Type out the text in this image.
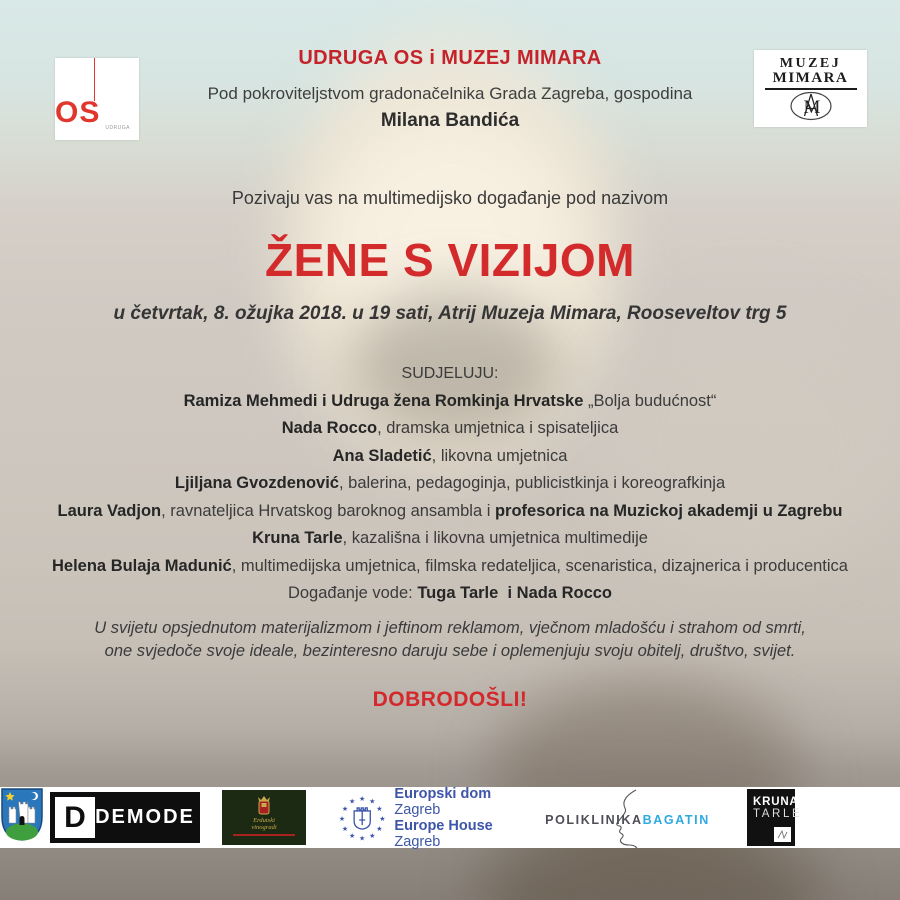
OS UDRUGA
MUZEJ
MIMARA
M
UDRUGA OS i MUZEJ MIMARA
Pod pokroviteljstvom gradonačelnika Grada Zagreba, gospodina
Milana Bandića
Pozivaju vas na multimedijsko događanje pod nazivom
ŽENE S VIZIJOM
u četvrtak, 8. ožujka 2018. u 19 sati, Atrij Muzeja Mimara, Rooseveltov trg 5
SUDJELUJU:
Ramiza Mehmedi i Udruga žena Romkinja Hrvatske „Bolja budućnost“
Nada Rocco, dramska umjetnica i spisateljica
Ana Sladetić, likovna umjetnica
Ljiljana Gvozdenović, balerina, pedagoginja, publicistkinja i koreografkinja
Laura Vadjon, ravnateljica Hrvatskog baroknog ansambla i profesorica na Muzickoj akademji u Zagrebu
Kruna Tarle, kazališna i likovna umjetnica multimedije
Helena Bulaja Madunić, multimedijska umjetnica, filmska redateljica, scenaristica, dizajnerica i producentica
Događanje vode: Tuga Tarle  i Nada Rocco
U svijetu opsjednutom materijalizmom i jeftinom reklamom, vječnom mladošću i strahom od smrti,
one svjedoče svoje ideale, bezinteresno daruju sebe i oplemenjuju svoju obitelj, društvo, svijet.
DOBRODOŠLI!
D DEMODE	Erdutski
vinogradi
★ ★
★
★
★
★
★
★
★
★
★
★	Europski dom Zagreb
Europe House Zagreb
POLIKLINIKABAGATIN
KRUNA
TARLE
